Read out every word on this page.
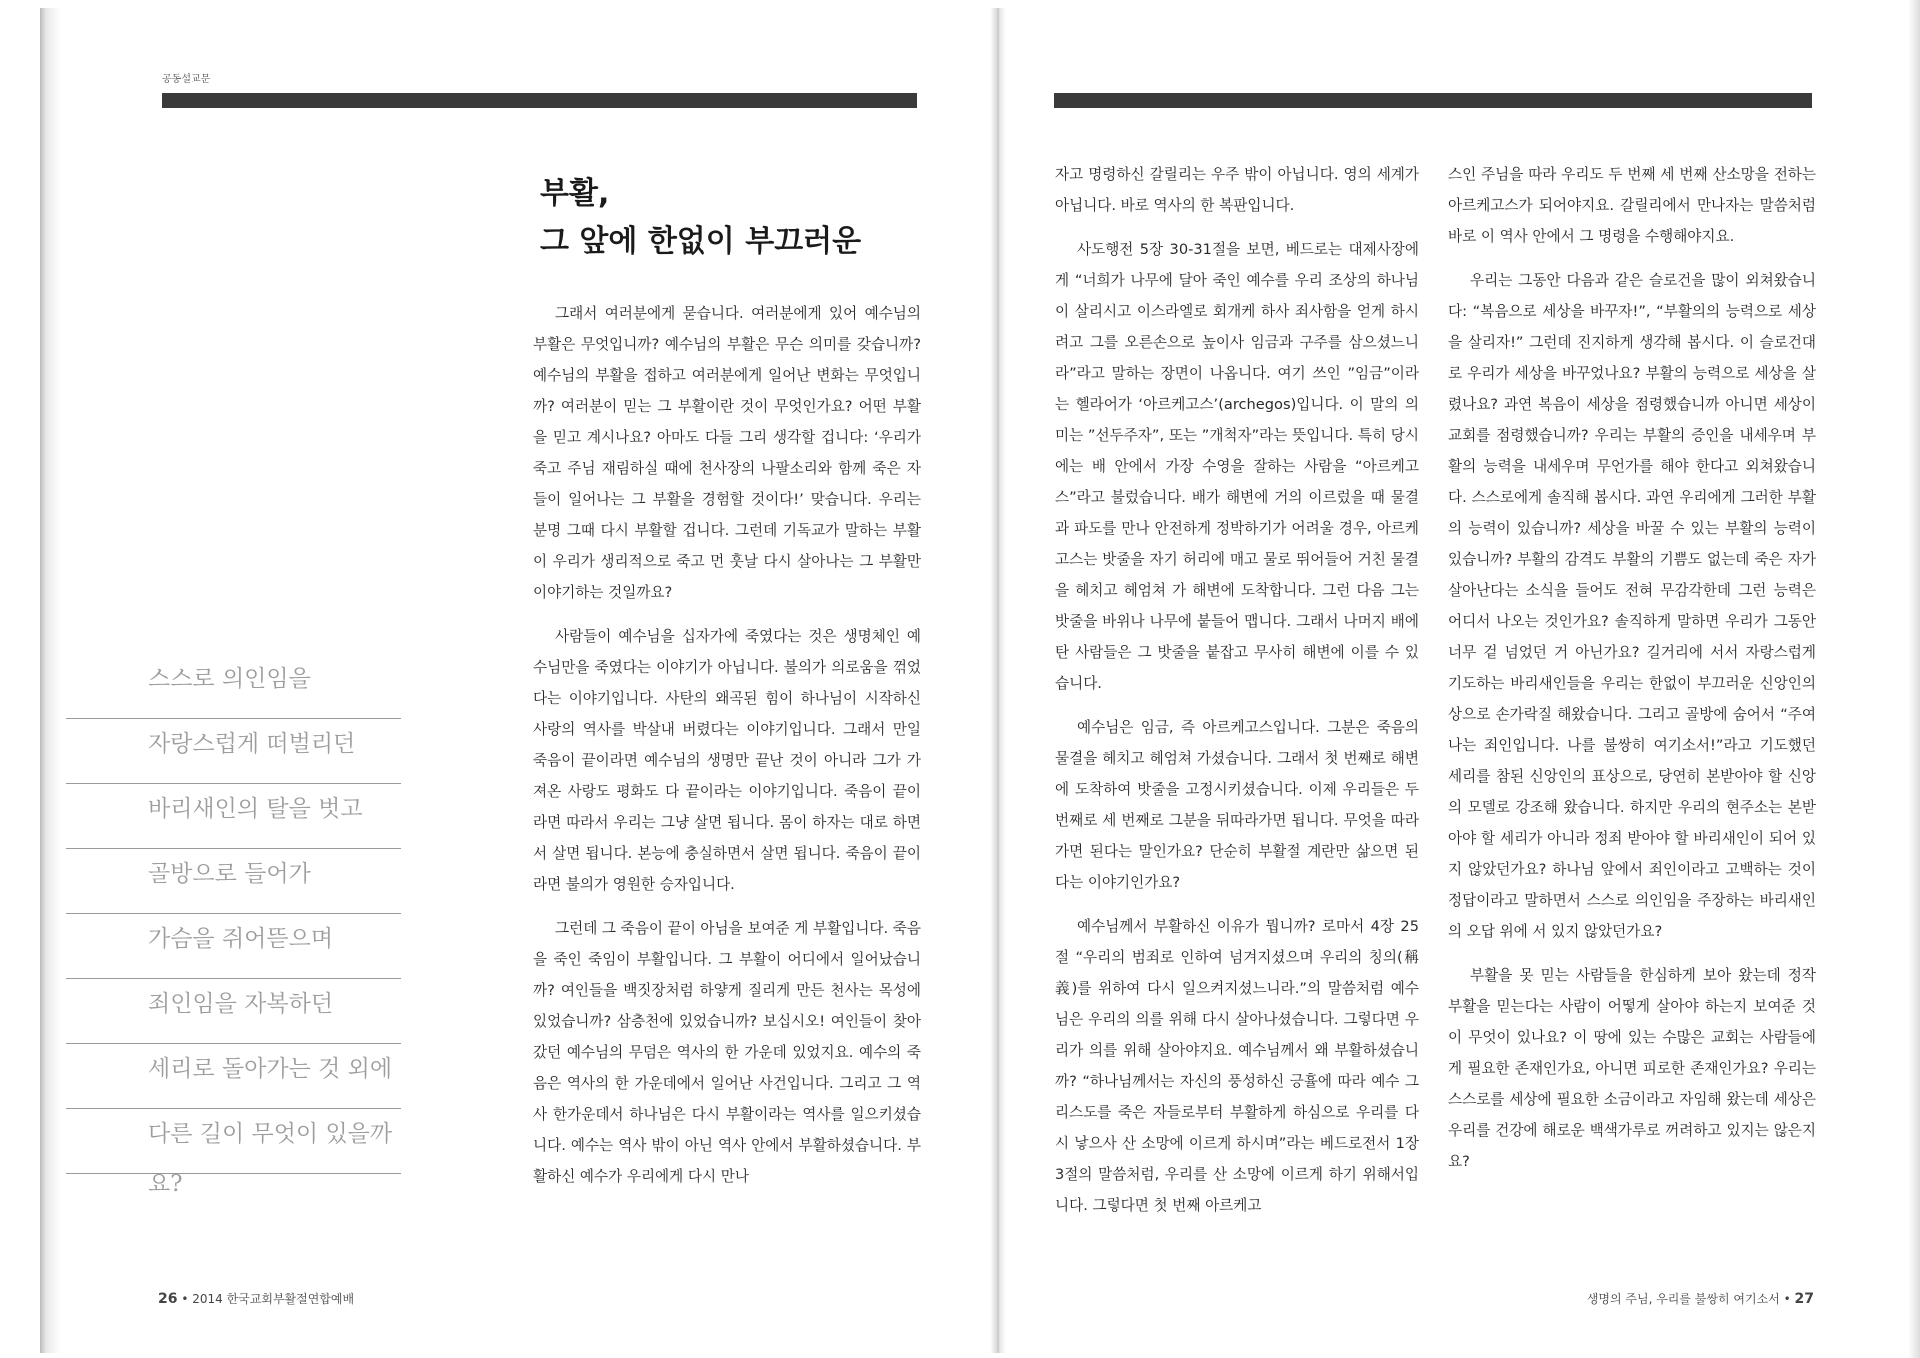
공동설교문
부활,
그 앞에 한없이 부끄러운
스스로 의인임을
자랑스럽게 떠벌리던
바리새인의 탈을 벗고
골방으로 들어가
가슴을 쥐어뜯으며
죄인임을 자복하던
세리로 돌아가는 것 외에
다른 길이 무엇이 있을까요?

그래서 여러분에게 묻습니다. 여러분에게 있어 예수님의 부활은 무엇입니까? 예수님의 부활은 무슨 의미를 갖습니까? 예수님의 부활을 접하고 여러분에게 일어난 변화는 무엇입니까? 여러분이 믿는 그 부활이란 것이 무엇인가요? 어떤 부활을 믿고 계시나요? 아마도 다들 그리 생각할 겁니다: ‘우리가 죽고 주님 재림하실 때에 천사장의 나팔소리와 함께 죽은 자들이 일어나는 그 부활을 경험할 것이다!’ 맞습니다. 우리는 분명 그때 다시 부활할 겁니다. 그런데 기독교가 말하는 부활이 우리가 생리적으로 죽고 먼 훗날 다시 살아나는 그 부활만 이야기하는 것일까요?

사람들이 예수님을 십자가에 죽였다는 것은 생명체인 예수님만을 죽였다는 이야기가 아닙니다. 불의가 의로움을 꺾었다는 이야기입니다. 사탄의 왜곡된 힘이 하나님이 시작하신 사랑의 역사를 박살내 버렸다는 이야기입니다. 그래서 만일 죽음이 끝이라면 예수님의 생명만 끝난 것이 아니라 그가 가져온 사랑도 평화도 다 끝이라는 이야기입니다. 죽음이 끝이라면 따라서 우리는 그냥 살면 됩니다. 몸이 하자는 대로 하면서 살면 됩니다. 본능에 충실하면서 살면 됩니다. 죽음이 끝이라면 불의가 영원한 승자입니다.

그런데 그 죽음이 끝이 아님을 보여준 게 부활입니다. 죽음을 죽인 죽임이 부활입니다. 그 부활이 어디에서 일어났습니까? 여인들을 백짓장처럼 하얗게 질리게 만든 천사는 목성에 있었습니까? 삼층천에 있었습니까? 보십시오! 여인들이 찾아갔던 예수님의 무덤은 역사의 한 가운데 있었지요. 예수의 죽음은 역사의 한 가운데에서 일어난 사건입니다. 그리고 그 역사 한가운데서 하나님은 다시 부활이라는 역사를 일으키셨습니다. 예수는 역사 밖이 아닌 역사 안에서 부활하셨습니다. 부활하신 예수가 우리에게 다시 만나

자고 명령하신 갈릴리는 우주 밖이 아닙니다. 영의 세계가 아닙니다. 바로 역사의 한 복판입니다.

사도행전 5장 30-31절을 보면, 베드로는 대제사장에게 “너희가 나무에 달아 죽인 예수를 우리 조상의 하나님이 살리시고 이스라엘로 회개케 하사 죄사함을 얻게 하시려고 그를 오른손으로 높이사 임금과 구주를 삼으셨느니라”라고 말하는 장면이 나옵니다. 여기 쓰인 ”임금”이라는 헬라어가 ‘아르케고스’(archegos)입니다. 이 말의 의미는 ”선두주자”, 또는 ”개척자”라는 뜻입니다. 특히 당시에는 배 안에서 가장 수영을 잘하는 사람을 “아르케고스”라고 불렀습니다. 배가 해변에 거의 이르렀을 때 물결과 파도를 만나 안전하게 정박하기가 어려울 경우, 아르케고스는 밧줄을 자기 허리에 매고 물로 뛰어들어 거친 물결을 헤치고 헤엄쳐 가 해변에 도착합니다. 그런 다음 그는 밧줄을 바위나 나무에 붙들어 맵니다. 그래서 나머지 배에 탄 사람들은 그 밧줄을 붙잡고 무사히 해변에 이를 수 있습니다.

예수님은 임금, 즉 아르케고스입니다. 그분은 죽음의 물결을 헤치고 헤엄쳐 가셨습니다. 그래서 첫 번째로 해변에 도착하여 밧줄을 고정시키셨습니다. 이제 우리들은 두 번째로 세 번째로 그분을 뒤따라가면 됩니다. 무엇을 따라가면 된다는 말인가요? 단순히 부활절 계란만 삶으면 된다는 이야기인가요?

예수님께서 부활하신 이유가 뭡니까? 로마서 4장 25절 “우리의 범죄로 인하여 넘겨지셨으며 우리의 칭의(稱義)를 위하여 다시 일으켜지셨느니라.”의 말씀처럼 예수님은 우리의 의를 위해 다시 살아나셨습니다. 그렇다면 우리가 의를 위해 살아야지요. 예수님께서 왜 부활하셨습니까? “하나님께서는 자신의 풍성하신 긍휼에 따라 예수 그리스도를 죽은 자들로부터 부활하게 하심으로 우리를 다시 낳으사 산 소망에 이르게 하시며”라는 베드로전서 1장 3절의 말씀처럼, 우리를 산 소망에 이르게 하기 위해서입니다. 그렇다면 첫 번째 아르케고

스인 주님을 따라 우리도 두 번째 세 번째 산소망을 전하는 아르케고스가 되어야지요. 갈릴리에서 만나자는 말씀처럼 바로 이 역사 안에서 그 명령을 수행해야지요.

우리는 그동안 다음과 같은 슬로건을 많이 외쳐왔습니다: “복음으로 세상을 바꾸자!”, “부활의의 능력으로 세상을 살리자!” 그런데 진지하게 생각해 봅시다. 이 슬로건대로 우리가 세상을 바꾸었나요? 부활의 능력으로 세상을 살렸나요? 과연 복음이 세상을 점령했습니까 아니면 세상이 교회를 점령했습니까? 우리는 부활의 증인을 내세우며 부활의 능력을 내세우며 무언가를 해야 한다고 외쳐왔습니다. 스스로에게 솔직해 봅시다. 과연 우리에게 그러한 부활의 능력이 있습니까? 세상을 바꿀 수 있는 부활의 능력이 있습니까? 부활의 감격도 부활의 기쁨도 없는데 죽은 자가 살아난다는 소식을 들어도 전혀 무감각한데 그런 능력은 어디서 나오는 것인가요? 솔직하게 말하면 우리가 그동안 너무 겉 넘었던 거 아닌가요? 길거리에 서서 자랑스럽게 기도하는 바리새인들을 우리는 한없이 부끄러운 신앙인의 상으로 손가락질 해왔습니다. 그리고 골방에 숨어서 “주여 나는 죄인입니다. 나를 불쌍히 여기소서!”라고 기도했던 세리를 참된 신앙인의 표상으로, 당연히 본받아야 할 신앙의 모델로 강조해 왔습니다. 하지만 우리의 현주소는 본받아야 할 세리가 아니라 정죄 받아야 할 바리새인이 되어 있지 않았던가요? 하나님 앞에서 죄인이라고 고백하는 것이 정답이라고 말하면서 스스로 의인임을 주장하는 바리새인의 오답 위에 서 있지 않았던가요?

부활을 못 믿는 사람들을 한심하게 보아 왔는데 정작 부활을 믿는다는 사람이 어떻게 살아야 하는지 보여준 것이 무엇이 있나요? 이 땅에 있는 수많은 교회는 사람들에게 필요한 존재인가요, 아니면 피로한 존재인가요? 우리는 스스로를 세상에 필요한 소금이라고 자임해 왔는데 세상은 우리를 건강에 해로운 백색가루로 꺼려하고 있지는 않은지요?

26 • 2014 한국교회부활절연합예배	생명의 주님, 우리를 불쌍히 여기소서 • 27
